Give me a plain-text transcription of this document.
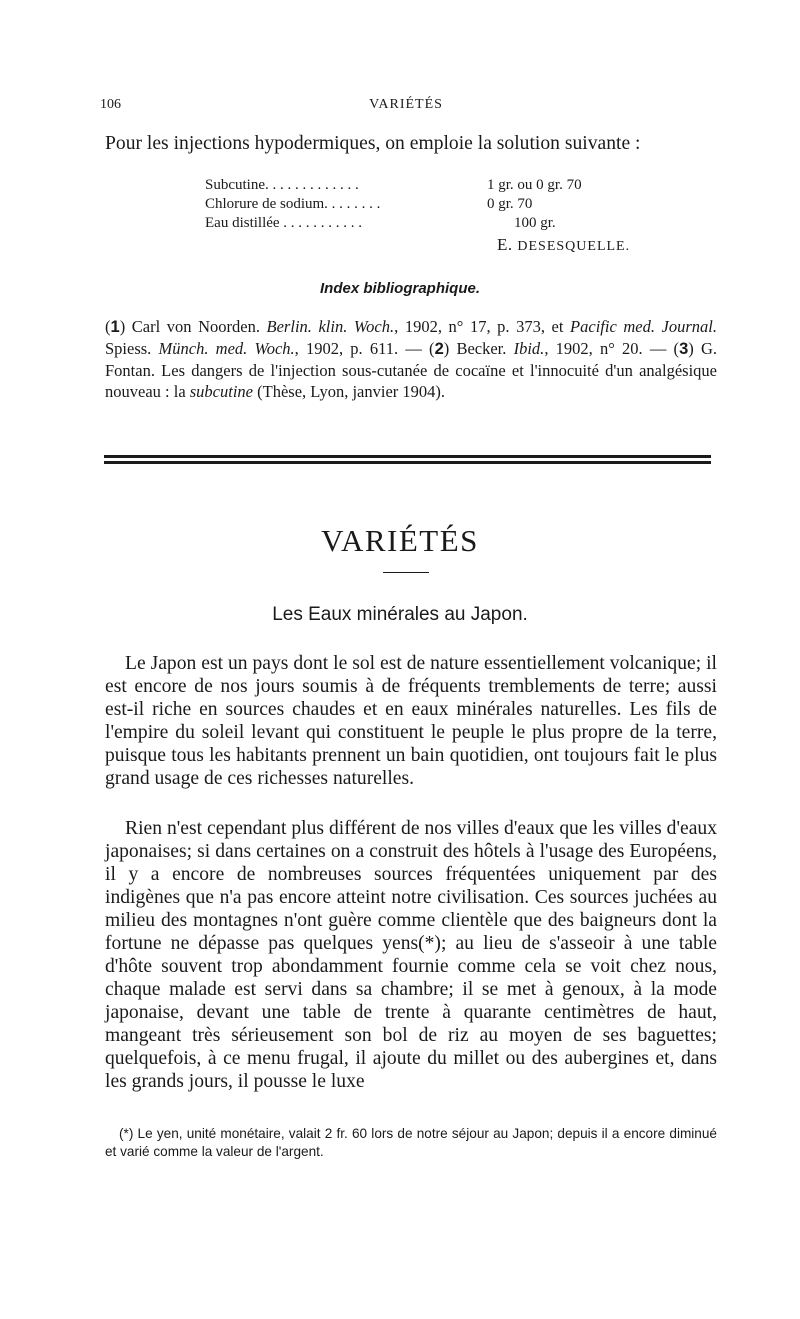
106	VARIÉTÉS
Pour les injections hypodermiques, on emploie la solution suivante :
Subcutine. . . . . . . . . . . . .	1 gr. ou 0 gr. 70
Chlorure de sodium. . . . . . . .	0 gr. 70
Eau distillée . . . . . . . . . . .	100 gr.
E. DESESQUELLE.
Index bibliographique.
(1) Carl von Noorden. Berlin. klin. Woch., 1902, n° 17, p. 373, et Pacific med. Journal. Spiess. Münch. med. Woch., 1902, p. 611. — (2) Becker. Ibid., 1902, n° 20. — (3) G. Fontan. Les dangers de l'injection sous-cutanée de cocaïne et l'innocuité d'un analgésique nouveau : la subcutine (Thèse, Lyon, janvier 1904).
VARIÉTÉS
Les Eaux minérales au Japon.
Le Japon est un pays dont le sol est de nature essentiellement volcanique; il est encore de nos jours soumis à de fréquents tremblements de terre; aussi est-il riche en sources chaudes et en eaux minérales naturelles. Les fils de l'empire du soleil levant qui constituent le peuple le plus propre de la terre, puisque tous les habitants prennent un bain quotidien, ont toujours fait le plus grand usage de ces richesses naturelles.
Rien n'est cependant plus différent de nos villes d'eaux que les villes d'eaux japonaises; si dans certaines on a construit des hôtels à l'usage des Européens, il y a encore de nombreuses sources fréquentées uniquement par des indigènes que n'a pas encore atteint notre civilisation. Ces sources juchées au milieu des montagnes n'ont guère comme clientèle que des baigneurs dont la fortune ne dépasse pas quelques yens(*); au lieu de s'asseoir à une table d'hôte souvent trop abondamment fournie comme cela se voit chez nous, chaque malade est servi dans sa chambre; il se met à genoux, à la mode japonaise, devant une table de trente à quarante centimètres de haut, mangeant très sérieusement son bol de riz au moyen de ses baguettes; quelquefois, à ce menu frugal, il ajoute du millet ou des aubergines et, dans les grands jours, il pousse le luxe
(*) Le yen, unité monétaire, valait 2 fr. 60 lors de notre séjour au Japon; depuis il a encore diminué et varié comme la valeur de l'argent.
